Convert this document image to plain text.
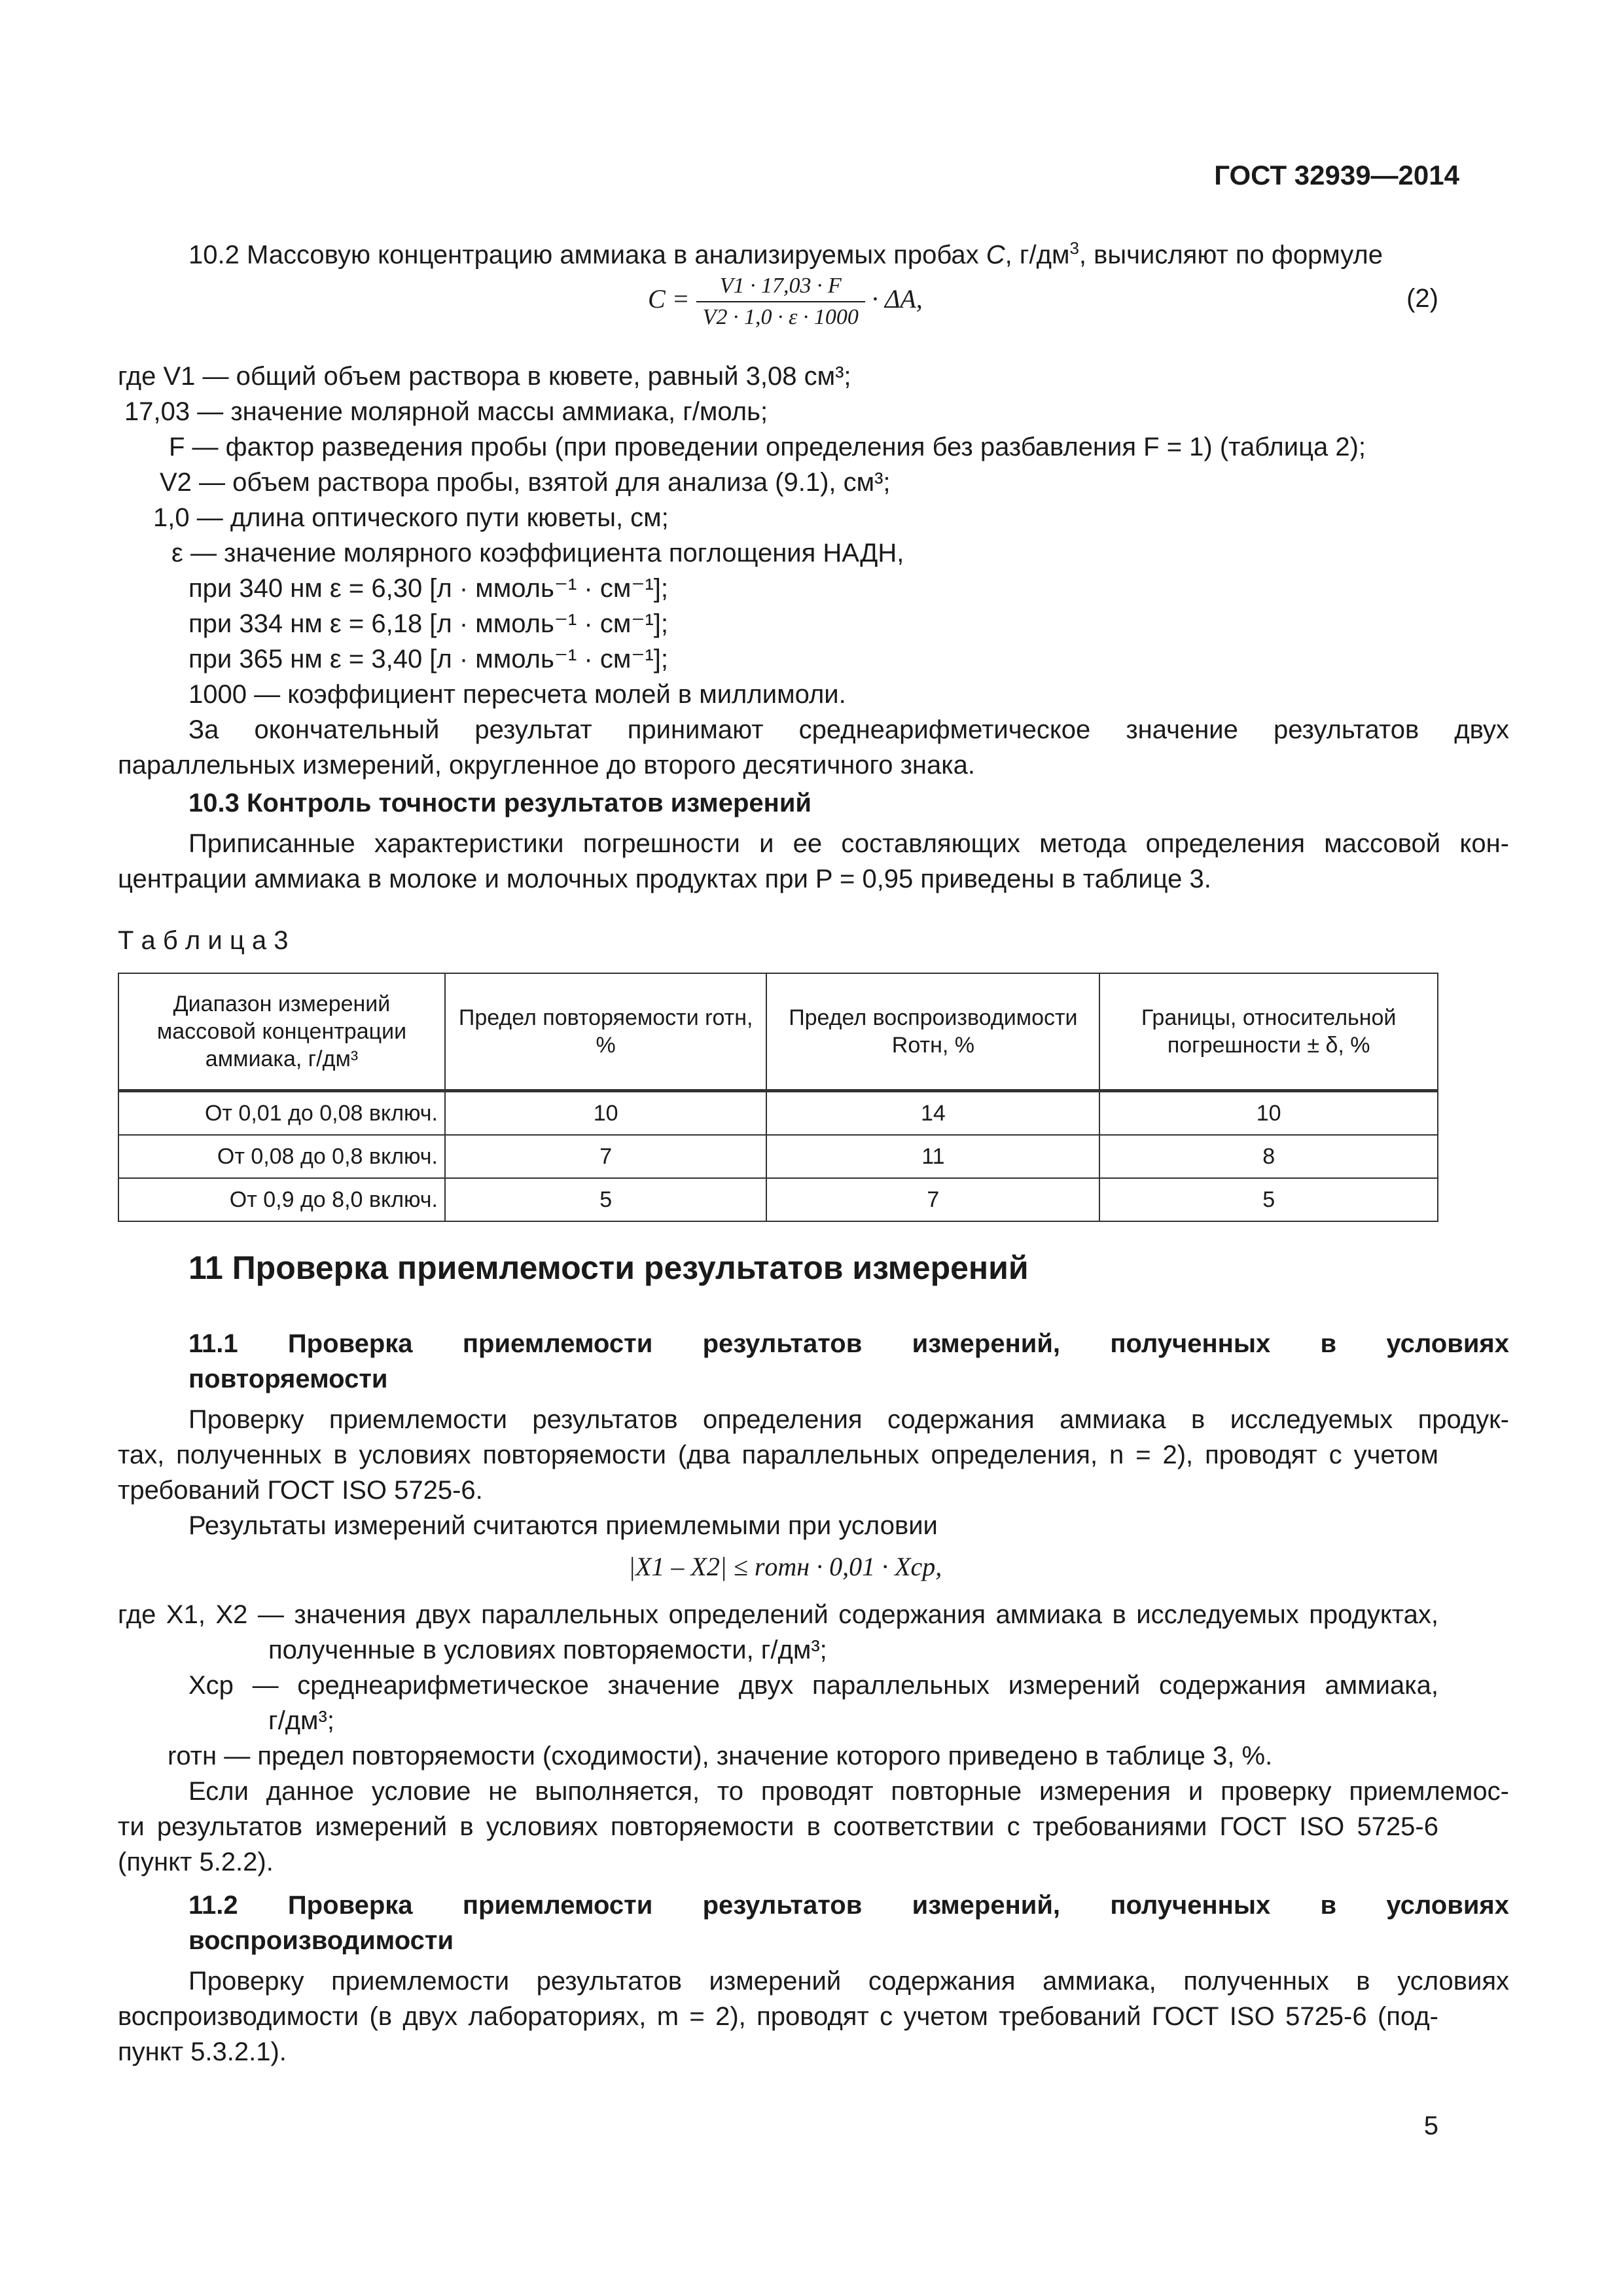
ГОСТ 32939—2014
10.2 Массовую концентрацию аммиака в анализируемых пробах C, $г/дм^3$, вычисляют по формуле
$C = \frac{V1 \cdot 17,03 \cdot F}{V2 \cdot 1,0 \cdot \varepsilon \cdot 1000} \cdot \Delta A$,	(2)
где V1 — общий объем раствора в кювете, равный 3,08 см³;
17,03 — значение молярной массы аммиака, г/моль;
F — фактор разведения пробы (при проведении определения без разбавления F = 1) (таблица 2);
V2 — объем раствора пробы, взятой для анализа (9.1), см³;
1,0 — длина оптического пути кюветы, см;
ε — значение молярного коэффициента поглощения НАДН,
при 340 нм ε = 6,30 [л · ммоль⁻¹ · см⁻¹];
при 334 нм ε = 6,18 [л · ммоль⁻¹ · см⁻¹];
при 365 нм ε = 3,40 [л · ммоль⁻¹ · см⁻¹];
1000 — коэффициент пересчета молей в миллимоли.
За окончательный результат принимают среднеарифметическое значение результатов двух
параллельных измерений, округленное до второго десятичного знака.
10.3 Контроль точности результатов измерений
Приписанные характеристики погрешности и ее составляющих метода определения массовой кон-
центрации аммиака в молоке и молочных продуктах при P = 0,95 приведены в таблице 3.
Т а б л и ц а 3
Диапазон измерений массовой концентрации аммиака, г/дм³	Предел повторяемости rотн, %	Предел воспроизводимости Rотн, %	Границы, относительной погрешности ± δ, %
От 0,01 до 0,08 включ.	10	14	10
От 0,08 до 0,8 включ.	7	11	8
От 0,9 до 8,0 включ.	5	7	5
11 Проверка приемлемости результатов измерений
11.1 Проверка приемлемости результатов измерений, полученных в условиях
повторяемости
Проверку приемлемости результатов определения содержания аммиака в исследуемых продук-
тах, полученных в условиях повторяемости (два параллельных определения, n = 2), проводят с учетом
требований ГОСТ ISO 5725-6.
Результаты измерений считаются приемлемыми при условии
|X1 – X2| ≤ rотн · 0,01 · Xср,
где X1, X2 — значения двух параллельных определений содержания аммиака в исследуемых продуктах,
полученные в условиях повторяемости, г/дм³;
Xср — среднеарифметическое значение двух параллельных измерений содержания аммиака,
г/дм³;
rотн — предел повторяемости (сходимости), значение которого приведено в таблице 3, %.
Если данное условие не выполняется, то проводят повторные измерения и проверку приемлемос-
ти результатов измерений в условиях повторяемости в соответствии с требованиями ГОСТ ISO 5725-6
(пункт 5.2.2).
11.2 Проверка приемлемости результатов измерений, полученных в условиях
воспроизводимости
Проверку приемлемости результатов измерений содержания аммиака, полученных в условиях
воспроизводимости (в двух лабораториях, m = 2), проводят с учетом требований ГОСТ ISO 5725-6 (под-
пункт 5.3.2.1).
5
